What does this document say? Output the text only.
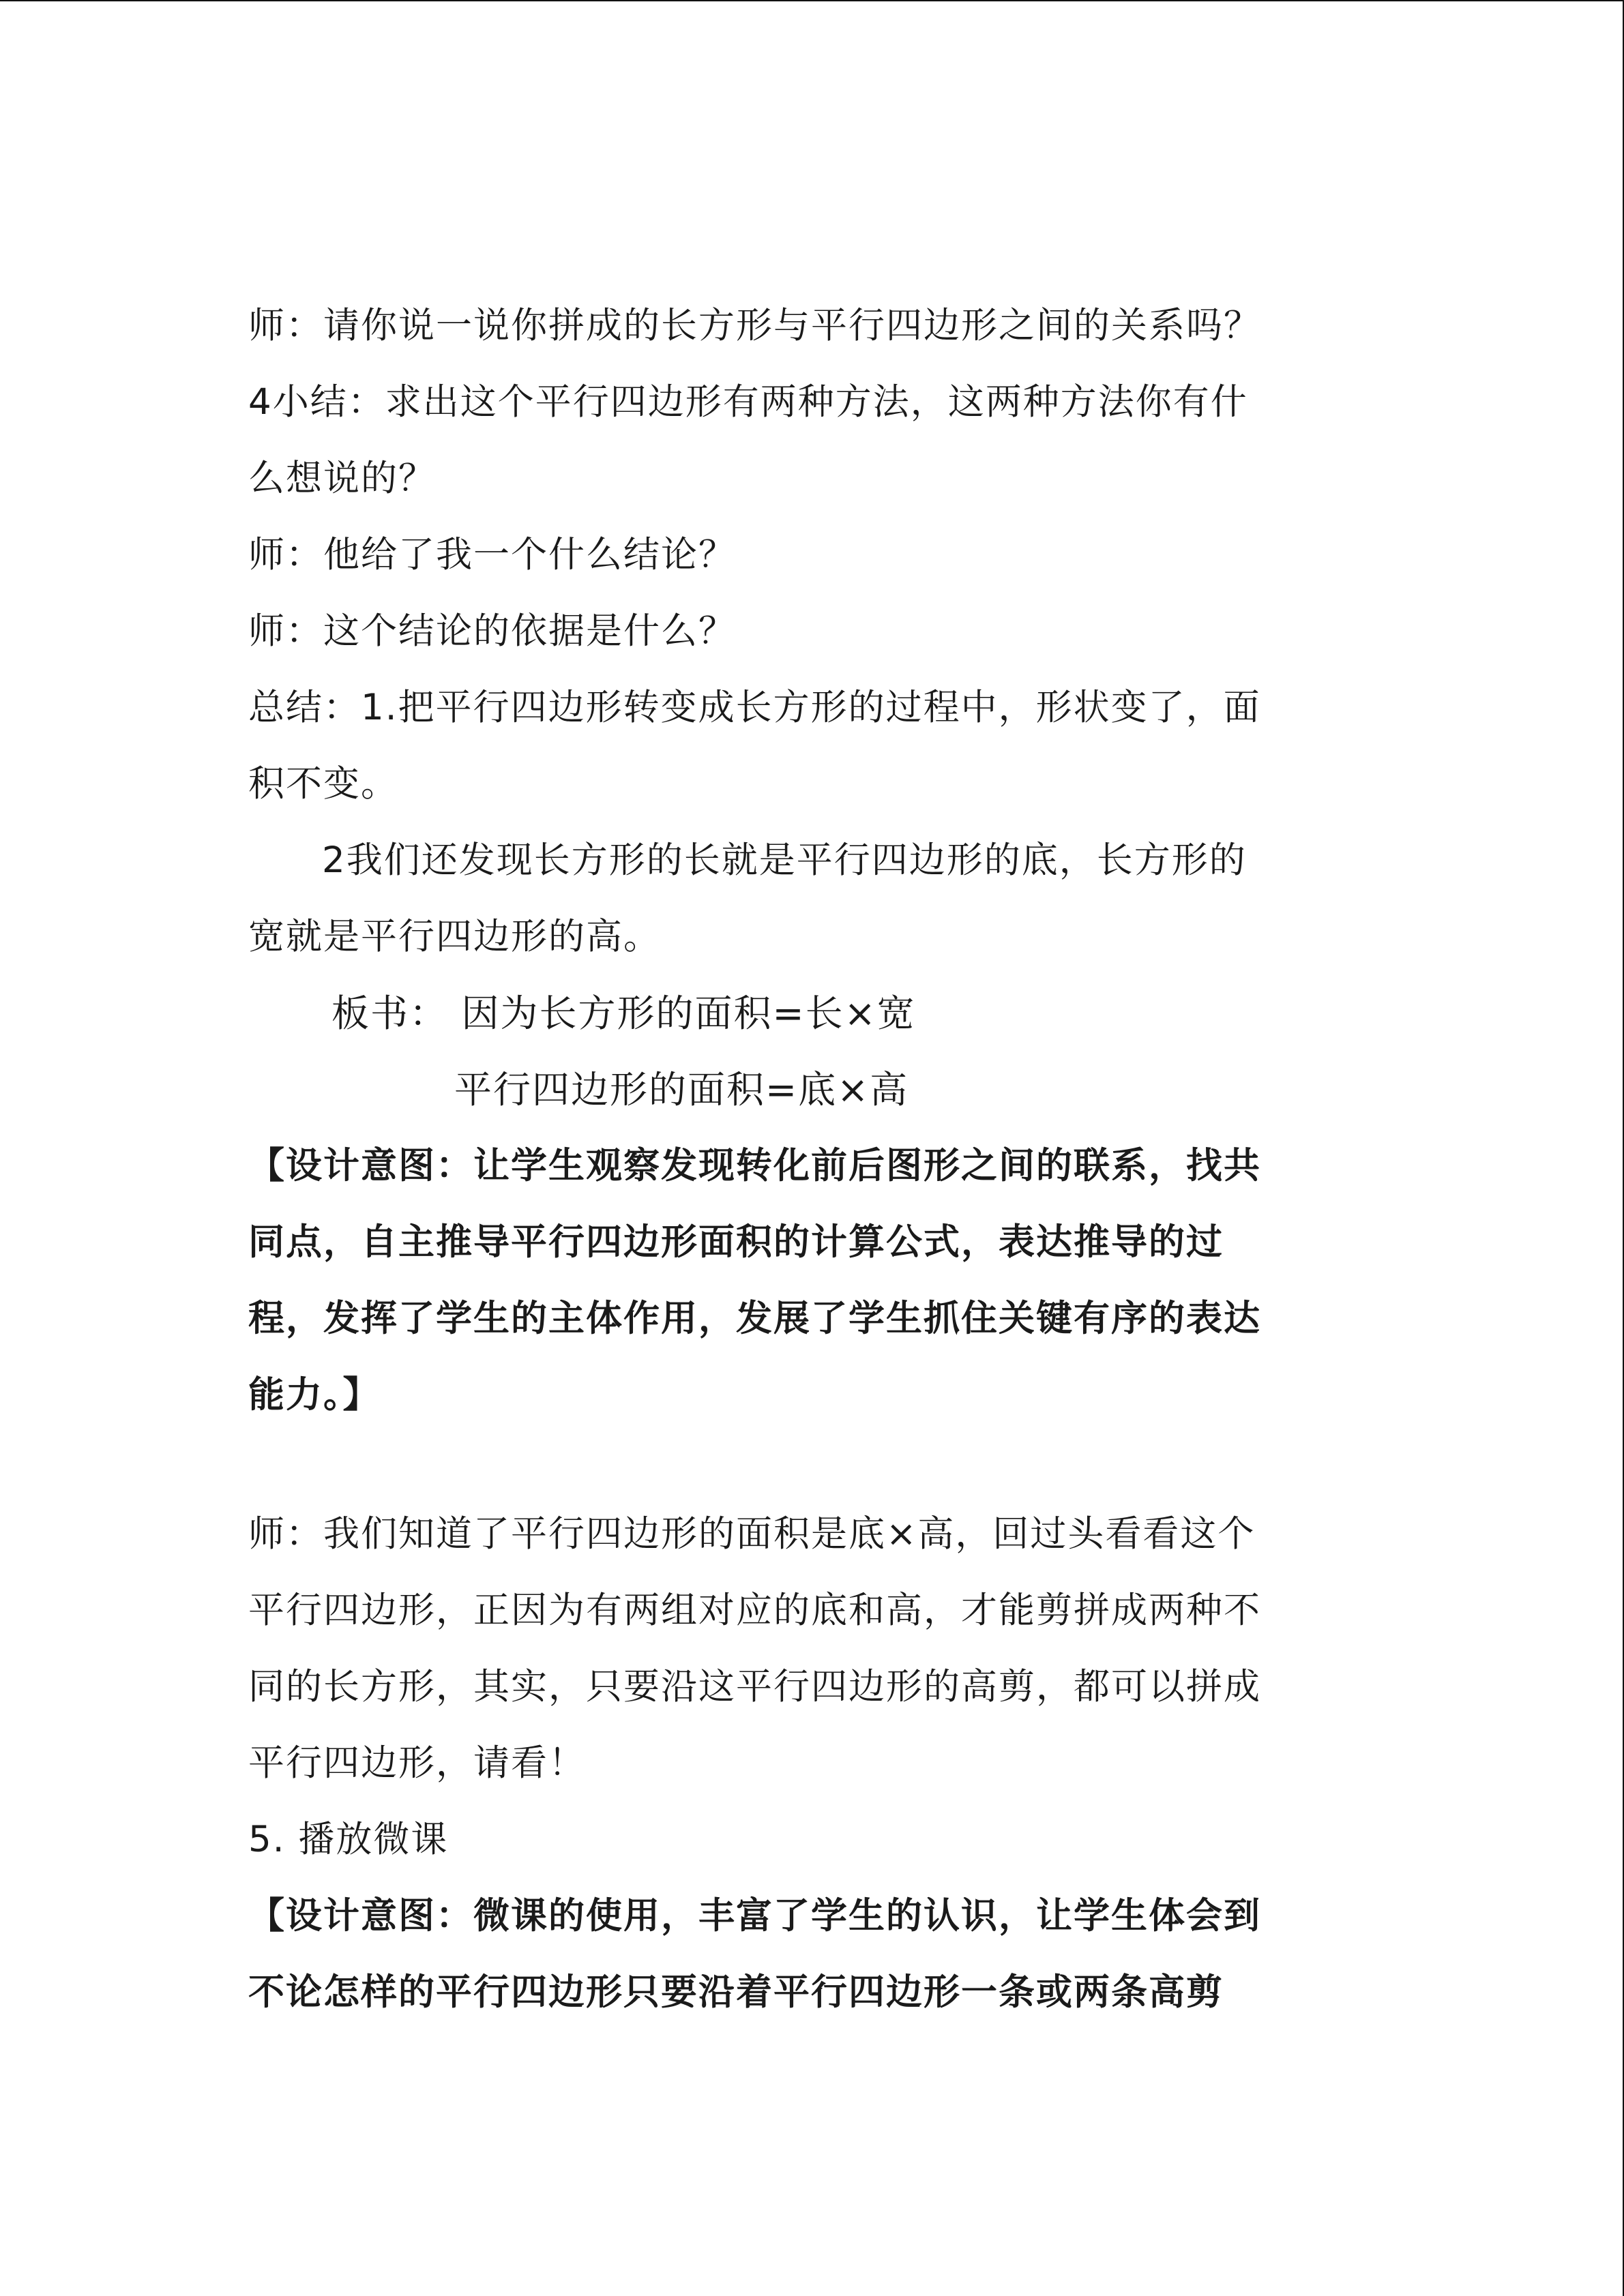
师：请你说一说你拼成的长方形与平行四边形之间的关系吗？
4小结：求出这个平行四边形有两种方法，这两种方法你有什
么想说的？
师：他给了我一个什么结论？
师：这个结论的依据是什么？
总结：1.把平行四边形转变成长方形的过程中，形状变了，面
积不变。
2我们还发现长方形的长就是平行四边形的底，长方形的
宽就是平行四边形的高。
板书： 因为长方形的面积=长×宽
平行四边形的面积=底×高
【设计意图：让学生观察发现转化前后图形之间的联系，找共
同点，自主推导平行四边形面积的计算公式，表达推导的过
程，发挥了学生的主体作用，发展了学生抓住关键有序的表达
能力。】
师：我们知道了平行四边形的面积是底×高，回过头看看这个
平行四边形，正因为有两组对应的底和高，才能剪拼成两种不
同的长方形，其实，只要沿这平行四边形的高剪，都可以拼成
平行四边形，请看！
5. 播放微课
【设计意图：微课的使用，丰富了学生的认识，让学生体会到
不论怎样的平行四边形只要沿着平行四边形一条或两条高剪
